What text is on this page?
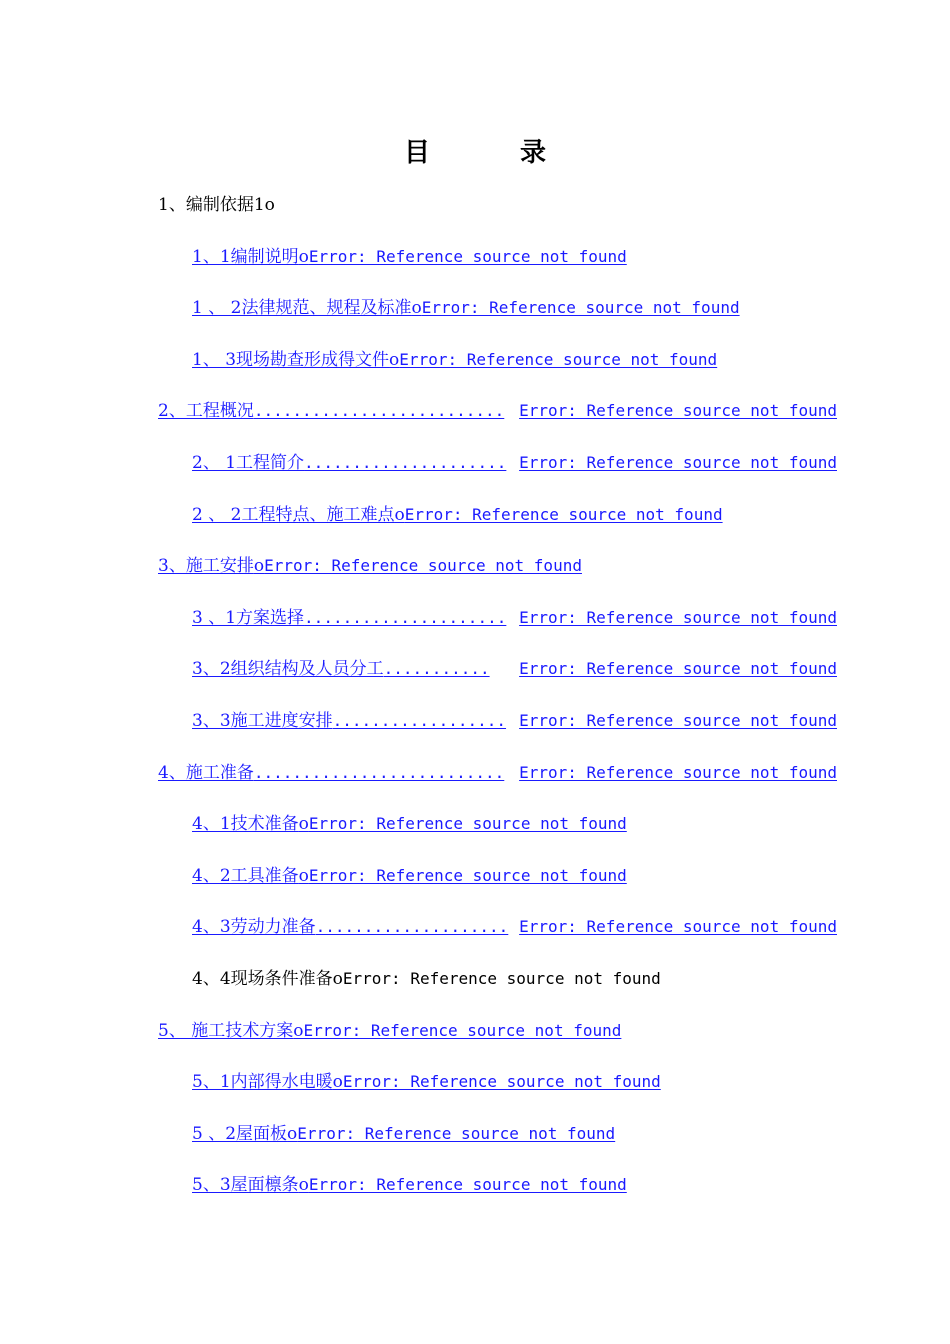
目	录
1、编制依据1ο
1、1编制说明οError: Reference source not found
1 、 2法律规范、规程及标准οError: Reference source not found
1、 3现场勘查形成得文件οError: Reference source not found
2、工程概况 .......................... Error: Reference source not found
2、 1工程简介 ..................... Error: Reference source not found
2 、 2工程特点、施工难点οError: Reference source not found
3、施工安排οError: Reference source not found
3 、1方案选择 ..................... Error: Reference source not found
3、2组织结构及人员分工 ...........	Error: Reference source not found
3、3施工进度安排 .................. Error: Reference source not found
4、施工准备 .......................... Error: Reference source not found
4、1技术准备οError: Reference source not found
4、2工具准备οError: Reference source not found
4、3劳动力准备 .................... Error: Reference source not found
4、4现场条件准备οError: Reference source not found
5、 施工技术方案οError: Reference source not found
5、1内部得水电暖οError: Reference source not found
5 、2屋面板οError: Reference source not found
5、3屋面檩条οError: Reference source not found
